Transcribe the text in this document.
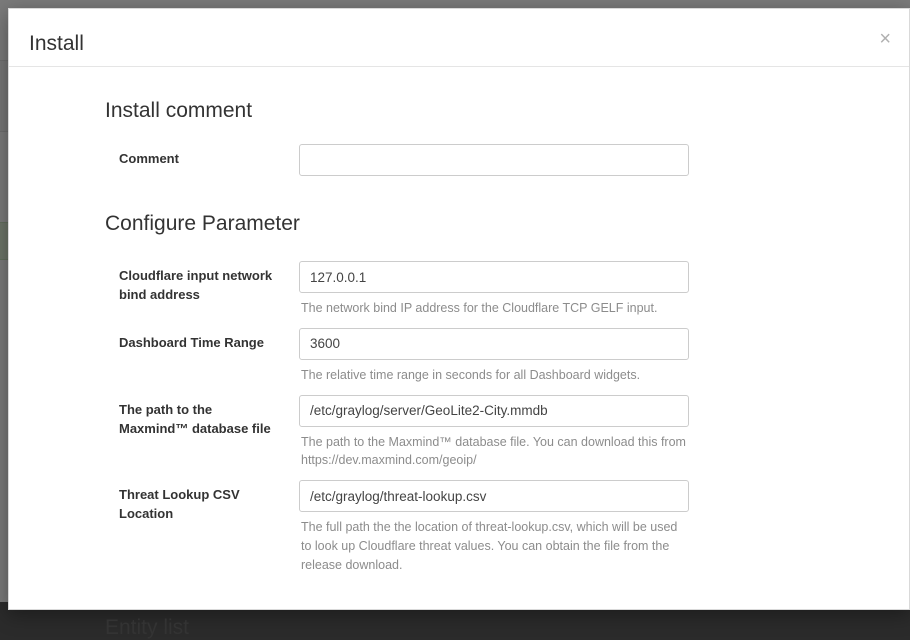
Install	×
Install comment
Comment
Configure Parameter
Cloudflare input network bind address
127.0.0.1
The network bind IP address for the Cloudflare TCP GELF input.
Dashboard Time Range
3600
The relative time range in seconds for all Dashboard widgets.
The path to the Maxmind™ database file
/etc/graylog/server/GeoLite2-City.mmdb
The path to the Maxmind™ database file. You can download this from https://dev.maxmind.com/geoip/
Threat Lookup CSV Location
/etc/graylog/threat-lookup.csv
The full path the the location of threat-lookup.csv, which will be used to look up Cloudflare threat values. You can obtain the file from the release download.
Entity list
